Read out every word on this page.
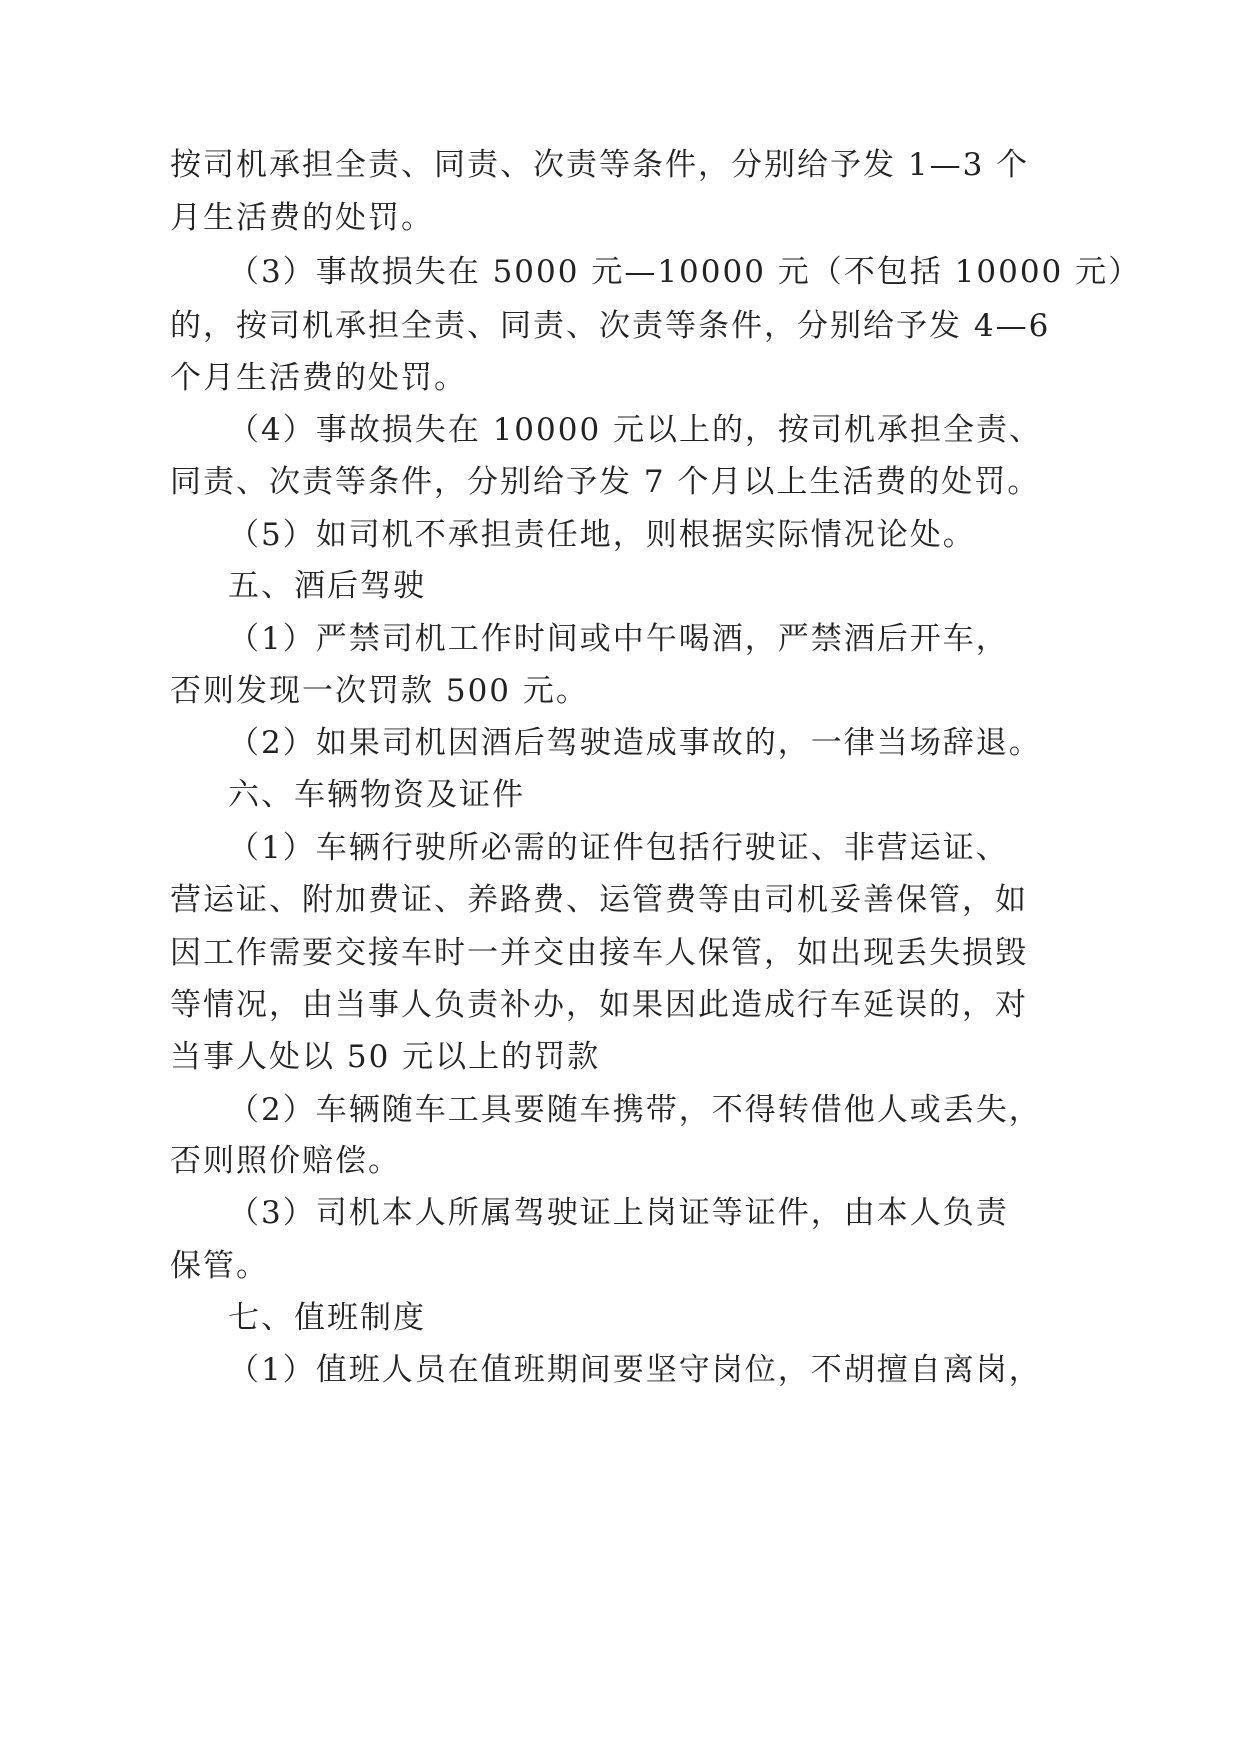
按司机承担全责、同责、次责等条件，分别给予发 1—3 个
月生活费的处罚。
（3）事故损失在 5000 元—10000 元（不包括 10000 元）
的，按司机承担全责、同责、次责等条件，分别给予发 4—6
个月生活费的处罚。
（4）事故损失在 10000 元以上的，按司机承担全责、
同责、次责等条件，分别给予发 7 个月以上生活费的处罚。
（5）如司机不承担责任地，则根据实际情况论处。
五、酒后驾驶
（1）严禁司机工作时间或中午喝酒，严禁酒后开车，
否则发现一次罚款 500 元。
（2）如果司机因酒后驾驶造成事故的，一律当场辞退。
六、车辆物资及证件
（1）车辆行驶所必需的证件包括行驶证、非营运证、
营运证、附加费证、养路费、运管费等由司机妥善保管，如
因工作需要交接车时一并交由接车人保管，如出现丢失损毁
等情况，由当事人负责补办，如果因此造成行车延误的，对
当事人处以 50 元以上的罚款
（2）车辆随车工具要随车携带，不得转借他人或丢失，
否则照价赔偿。
（3）司机本人所属驾驶证上岗证等证件，由本人负责
保管。
七、值班制度
（1）值班人员在值班期间要坚守岗位，不胡擅自离岗，
